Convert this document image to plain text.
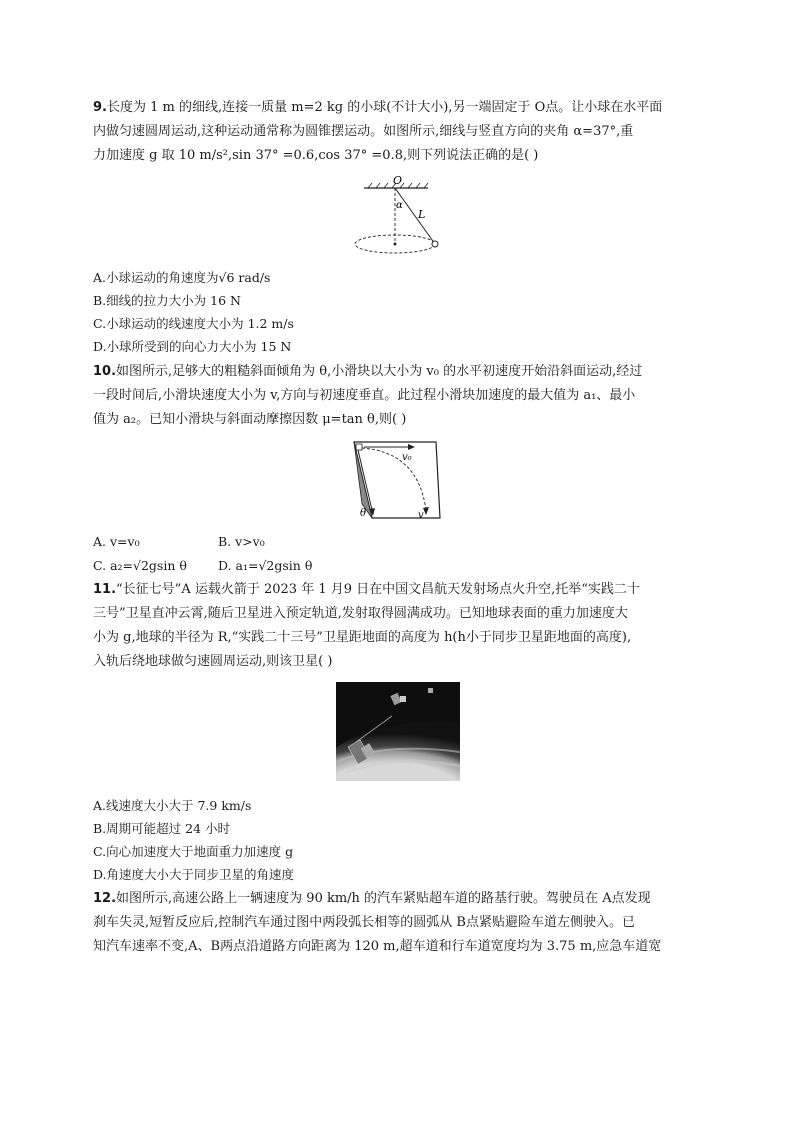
9.长度为 1 m 的细线,连接一质量 m=2 kg 的小球(不计大小),另一端固定于 O点。让小球在水平面
内做匀速圆周运动,这种运动通常称为圆锥摆运动。如图所示,细线与竖直方向的夹角 α=37°,重
力加速度 g 取 10 m/s²,sin 37° =0.6,cos 37° =0.8,则下列说法正确的是( )
O
α
L
A.小球运动的角速度为√6 rad/s
B.细线的拉力大小为 16 N
C.小球运动的线速度大小为 1.2 m/s
D.小球所受到的向心力大小为 15 N
10.如图所示,足够大的粗糙斜面倾角为 θ,小滑块以大小为 v₀ 的水平初速度开始沿斜面运动,经过
一段时间后,小滑块速度大小为 v,方向与初速度垂直。此过程小滑块加速度的最大值为 a₁、最小
值为 a₂。已知小滑块与斜面动摩擦因数 μ=tan θ,则( )
v₀
θ	v
A. v=v₀	B. v>v₀
C. a₂=√2gsin θ D. a₁=√2gsin θ
11.“长征七号”A 运载火箭于 2023 年 1 月9 日在中国文昌航天发射场点火升空,托举“实践二十
三号”卫星直冲云霄,随后卫星进入预定轨道,发射取得圆满成功。已知地球表面的重力加速度大
小为 g,地球的半径为 R,“实践二十三号”卫星距地面的高度为 h(h小于同步卫星距地面的高度),
入轨后绕地球做匀速圆周运动,则该卫星( )
A.线速度大小大于 7.9 km/s
B.周期可能超过 24 小时
C.向心加速度大于地面重力加速度 g
D.角速度大小大于同步卫星的角速度
12.如图所示,高速公路上一辆速度为 90 km/h 的汽车紧贴超车道的路基行驶。驾驶员在 A点发现
刹车失灵,短暂反应后,控制汽车通过图中两段弧长相等的圆弧从 B点紧贴避险车道左侧驶入。已
知汽车速率不变,A、B两点沿道路方向距离为 120 m,超车道和行车道宽度均为 3.75 m,应急车道宽
